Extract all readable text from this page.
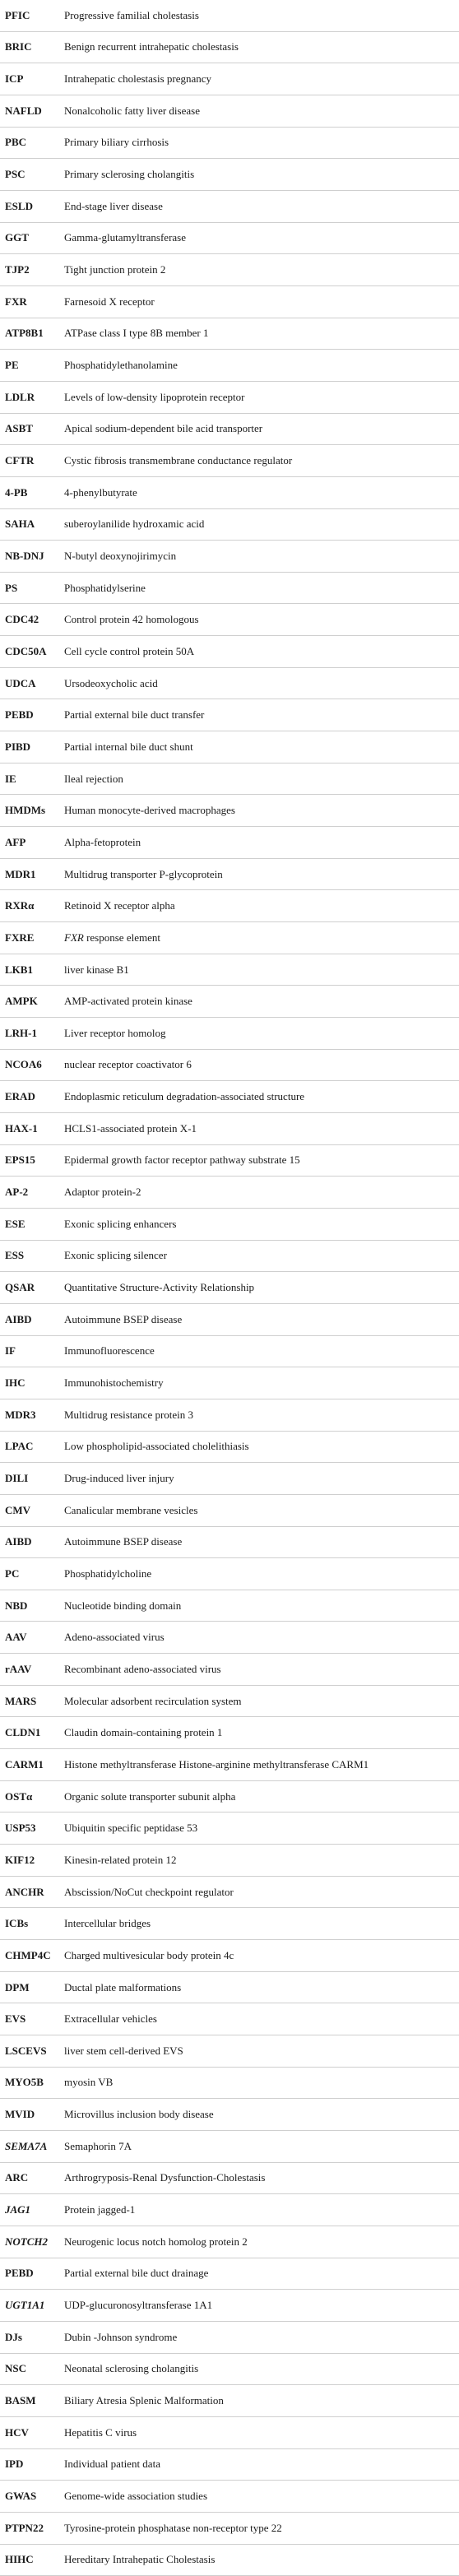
PFIC	Progressive familial cholestasis
BRIC	Benign recurrent intrahepatic cholestasis
ICP	Intrahepatic cholestasis pregnancy
NAFLD	Nonalcoholic fatty liver disease
PBC	Primary biliary cirrhosis
PSC	Primary sclerosing cholangitis
ESLD	End-stage liver disease
GGT	Gamma-glutamyltransferase
TJP2	Tight junction protein 2
FXR	Farnesoid X receptor
ATP8B1	ATPase class I type 8B member 1
PE	Phosphatidylethanolamine
LDLR	Levels of low-density lipoprotein receptor
ASBT	Apical sodium-dependent bile acid transporter
CFTR	Cystic fibrosis transmembrane conductance regulator
4-PB	4-phenylbutyrate
SAHA	suberoylanilide hydroxamic acid
NB-DNJ	N-butyl deoxynojirimycin
PS	Phosphatidylserine
CDC42	Control protein 42 homologous
CDC50A	Cell cycle control protein 50A
UDCA	Ursodeoxycholic acid
PEBD	Partial external bile duct transfer
PIBD	Partial internal bile duct shunt
IE	Ileal rejection
HMDMs	Human monocyte-derived macrophages
AFP	Alpha-fetoprotein
MDR1	Multidrug transporter P-glycoprotein
RXRα	Retinoid X receptor alpha
FXRE	FXR response element
LKB1	liver kinase B1
AMPK	AMP-activated protein kinase
LRH-1	Liver receptor homolog
NCOA6	nuclear receptor coactivator 6
ERAD	Endoplasmic reticulum degradation-associated structure
HAX-1	HCLS1-associated protein X-1
EPS15	Epidermal growth factor receptor pathway substrate 15
AP-2	Adaptor protein-2
ESE	Exonic splicing enhancers
ESS	Exonic splicing silencer
QSAR	Quantitative Structure-Activity Relationship
AIBD	Autoimmune BSEP disease
IF	Immunofluorescence
IHC	Immunohistochemistry
MDR3	Multidrug resistance protein 3
LPAC	Low phospholipid-associated cholelithiasis
DILI	Drug-induced liver injury
CMV	Canalicular membrane vesicles
AIBD	Autoimmune BSEP disease
PC	Phosphatidylcholine
NBD	Nucleotide binding domain
AAV	Adeno-associated virus
rAAV	Recombinant adeno-associated virus
MARS	Molecular adsorbent recirculation system
CLDN1	Claudin domain-containing protein 1
CARM1	Histone methyltransferase Histone-arginine methyltransferase CARM1
OSTα	Organic solute transporter subunit alpha
USP53	Ubiquitin specific peptidase 53
KIF12	Kinesin-related protein 12
ANCHR	Abscission/NoCut checkpoint regulator
ICBs	Intercellular bridges
CHMP4C	Charged multivesicular body protein 4c
DPM	Ductal plate malformations
EVS	Extracellular vehicles
LSCEVS	liver stem cell-derived EVS
MYO5B	myosin VB
MVID	Microvillus inclusion body disease
SEMA7A	Semaphorin 7A
ARC	Arthrogryposis-Renal Dysfunction-Cholestasis
JAG1	Protein jagged-1
NOTCH2	Neurogenic locus notch homolog protein 2
PEBD	Partial external bile duct drainage
UGT1A1	UDP-glucuronosyltransferase 1A1
DJs	Dubin -Johnson syndrome
NSC	Neonatal sclerosing cholangitis
BASM	Biliary Atresia Splenic Malformation
HCV	Hepatitis C virus
IPD	Individual patient data
GWAS	Genome-wide association studies
PTPN22	Tyrosine-protein phosphatase non-receptor type 22
HIHC	Hereditary Intrahepatic Cholestasis
